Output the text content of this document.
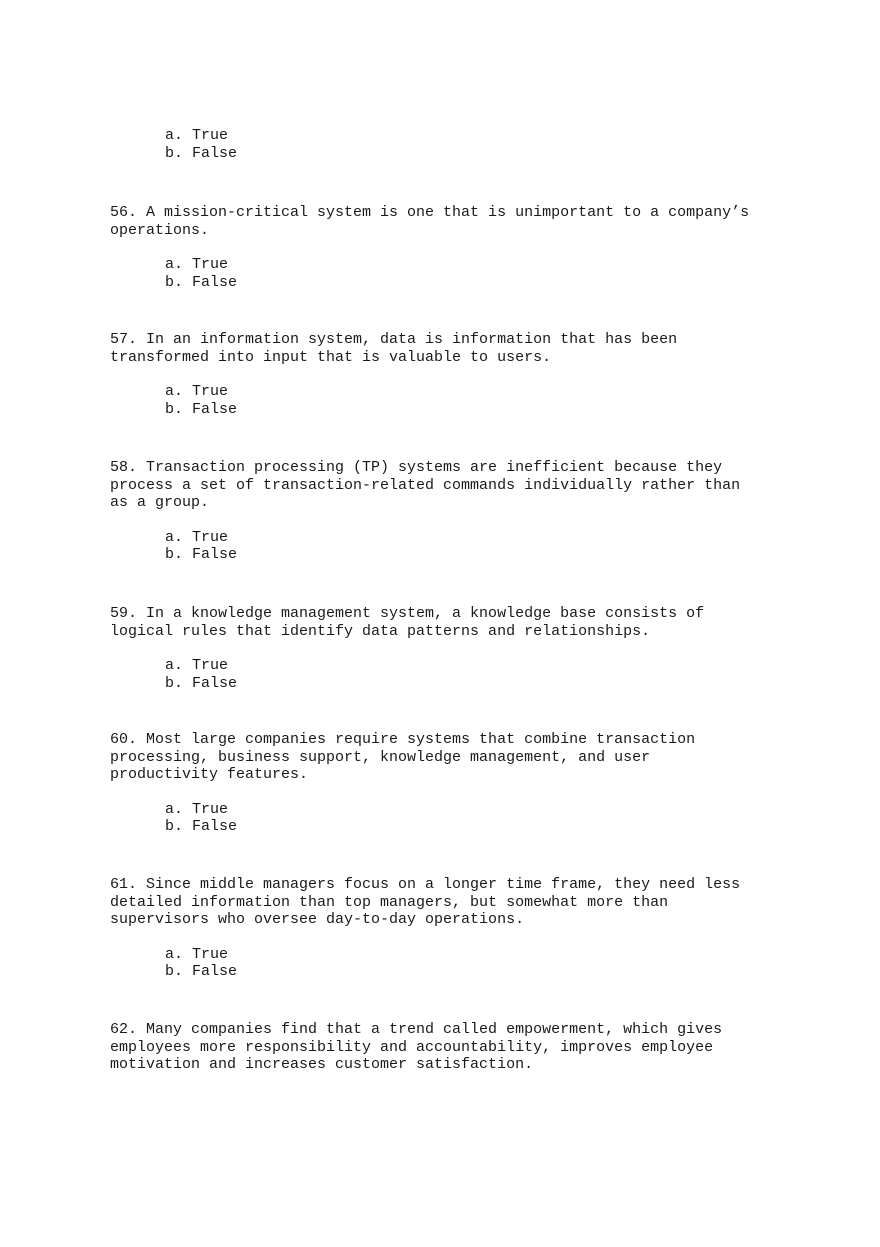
a. True
b. False
56. A mission-critical system is one that is unimportant to a company’s
operations.
a. True
b. False
57. In an information system, data is information that has been
transformed into input that is valuable to users.
a. True
b. False
58. Transaction processing (TP) systems are inefficient because they
process a set of transaction-related commands individually rather than
as a group.
a. True
b. False
59. In a knowledge management system, a knowledge base consists of
logical rules that identify data patterns and relationships.
a. True
b. False
60. Most large companies require systems that combine transaction
processing, business support, knowledge management, and user
productivity features.
a. True
b. False
61. Since middle managers focus on a longer time frame, they need less
detailed information than top managers, but somewhat more than
supervisors who oversee day-to-day operations.
a. True
b. False
62. Many companies find that a trend called empowerment, which gives
employees more responsibility and accountability, improves employee
motivation and increases customer satisfaction.
